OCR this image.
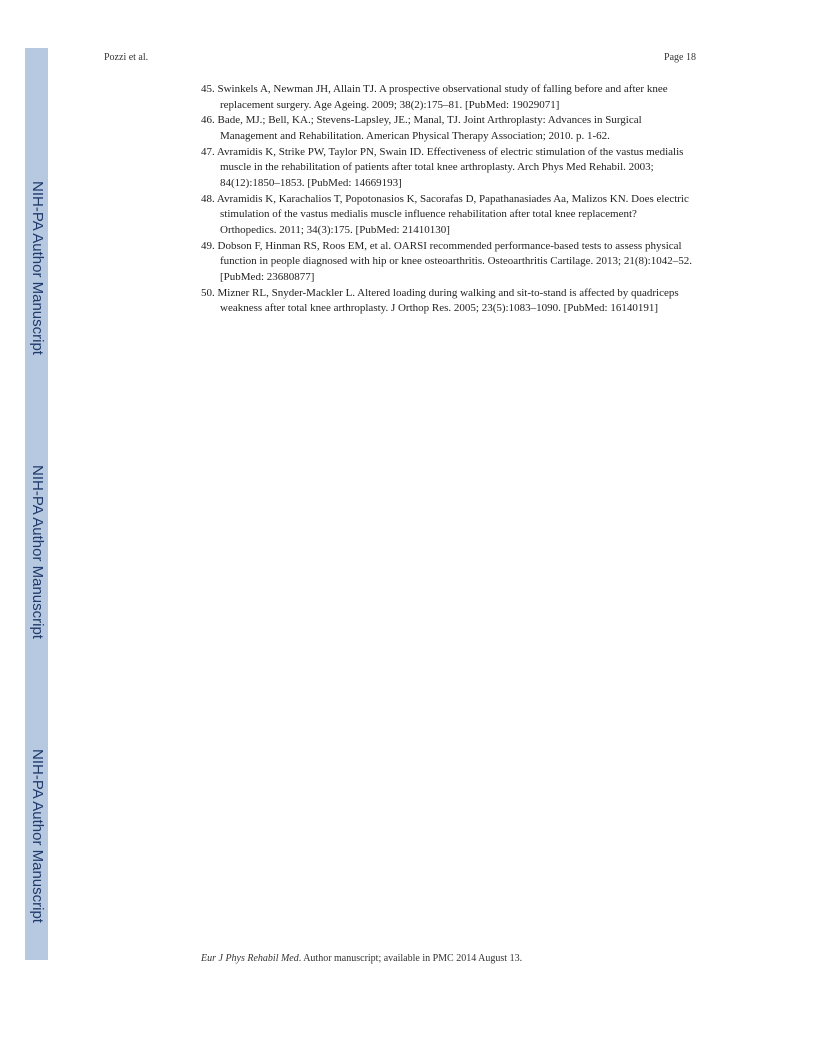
NIH-PA Author Manuscript
NIH-PA Author Manuscript
NIH-PA Author Manuscript
Pozzi et al.	Page 18
45. Swinkels A, Newman JH, Allain TJ. A prospective observational study of falling before and after knee replacement surgery. Age Ageing. 2009; 38(2):175–81. [PubMed: 19029071]
46. Bade, MJ.; Bell, KA.; Stevens-Lapsley, JE.; Manal, TJ. Joint Arthroplasty: Advances in Surgical Management and Rehabilitation. American Physical Therapy Association; 2010. p. 1-62.
47. Avramidis K, Strike PW, Taylor PN, Swain ID. Effectiveness of electric stimulation of the vastus medialis muscle in the rehabilitation of patients after total knee arthroplasty. Arch Phys Med Rehabil. 2003; 84(12):1850–1853. [PubMed: 14669193]
48. Avramidis K, Karachalios T, Popotonasios K, Sacorafas D, Papathanasiades Aa, Malizos KN. Does electric stimulation of the vastus medialis muscle influence rehabilitation after total knee replacement? Orthopedics. 2011; 34(3):175. [PubMed: 21410130]
49. Dobson F, Hinman RS, Roos EM, et al. OARSI recommended performance-based tests to assess physical function in people diagnosed with hip or knee osteoarthritis. Osteoarthritis Cartilage. 2013; 21(8):1042–52. [PubMed: 23680877]
50. Mizner RL, Snyder-Mackler L. Altered loading during walking and sit-to-stand is affected by quadriceps weakness after total knee arthroplasty. J Orthop Res. 2005; 23(5):1083–1090. [PubMed: 16140191]
Eur J Phys Rehabil Med. Author manuscript; available in PMC 2014 August 13.
